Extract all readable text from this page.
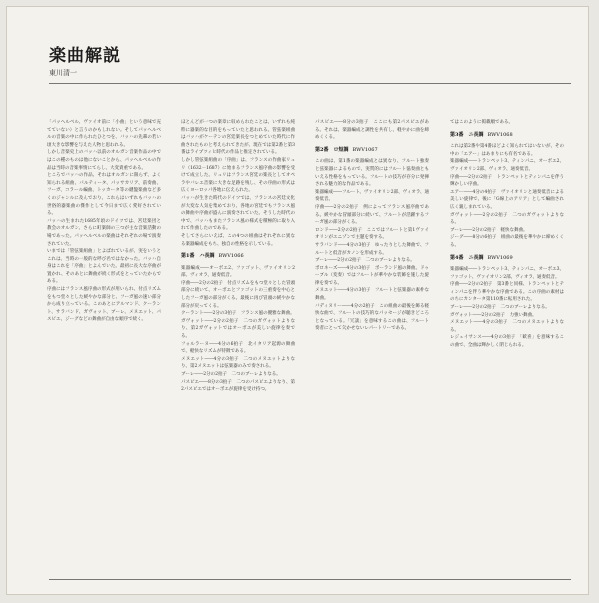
楽曲解説
東川清一

「パッヘルベル、ヴァイオ前に「小曲」という意味で充てていない）と言うのかもしれない。そしてパッヘルベルの音楽の中に作られたひとつを、バッハの先輩の若い頃大きな影響を与えた人物と思われる。

しかし音楽史上のバッハ以前のオルガン音楽作品の中ではこの種のものは他にないことから、パッヘルベルの作品は当時の音楽事情にてらし、大変貴重である。

ところでバッハの作品、それはオルガンに限らず、よく知られる組曲、パルティータ、パッサカリア、前奏曲、フーガ、コラール編曲、トッカータ等の鍵盤楽曲など多くのジャンルに及んでおり、これらはいずれもバッハの世俗的器楽曲の傑作として今日まで広く愛好されている。

バッハの生まれた1685年頃のドイツでは、宮廷楽団と教会のオルガン、さらに町楽師の三つが主な音楽活動の場であった。パッヘルベルの楽曲はそれぞれの場で演奏されていた。

いまでは「管弦楽組曲」とよばれているが、実をいうとこれは、当時の一般的な呼び名ではなかった。バッハ自身はこれを「序曲」とよんでいた。最初に長大な序曲が置かれ、そのあとに舞曲が続く形式をとっていたからである。

序曲にはフランス風序曲の形式が用いられ、付点リズムをもつ堂々とした緩やかな部分と、フーガ風の速い部分から成り立っている。このあとにアルマンド、クーラント、サラバンド、ガヴォット、ブーレ、メヌエット、パスピエ、ジーグなどの舞曲が自由な順序で続く。

ほとんどが一つの楽章に収められたことは、いずれも純粋に器楽的な目的をもっていたと思われる。管弦楽組曲はバッハがケーテンの宮廷楽長をつとめていた時代に作曲されたものと考えられてきたが、現在では第2番と第3番はライプツィヒ時代の作品と推定されている。

しかし管弦楽組曲の「序曲」は、フランスの作曲家リュリ（1632－1687）に始まるフランス風序曲の影響を受けて成立した。リュリはフランス宮廷の楽長としてオペラやバレエ音楽に大きな足跡を残し、その序曲の形式は広くヨーロッパ各地に伝えられた。

バッハが生きた時代のドイツでは、フランスの宮廷文化が大変な人気を集めており、各地の宮廷でもフランス風の舞曲や序曲が盛んに演奏されていた。そうした時代の中で、バッハもまたフランス風の様式を積極的に取り入れて作曲したのである。

そしてさらにいえば、この4つの組曲はそれぞれに異なる楽器編成をもち、独自の性格を示している。

第1番　ハ長調 BWV1066

楽器編成――オーボエ2、ファゴット、ヴァイオリン2部、ヴィオラ、通奏低音。

序曲――2分の2拍子　付点リズムをもつ堂々とした冒頭部分に続いて、オーボエとファゴットの三重奏を中心としたフーガ風の部分がくる。最後に再び冒頭の緩やかな部分が戻ってくる。

クーラント――2分の3拍子　フランス風の優雅な舞曲。

ガヴォット――2分の2拍子　二つのガヴォットよりなり、第2ガヴォットではオーボエが美しい旋律を奏でる。

フォルラーヌ――4分の6拍子　北イタリア起源の舞曲で、軽快なリズムが特徴である。

メヌエット――4分の3拍子　二つのメヌエットよりなり、第2メヌエットは弦楽器のみで奏される。

ブーレ――2分の2拍子　二つのブーレよりなる。

パスピエ――8分の3拍子　二つのパスピエよりなり、第2パスピエではオーボエが旋律を受け持つ。

パスピエ――8分の3拍子　ここにも第2パスピエがある。それは、楽器編成と調性を共有し、軽やかに曲を締めくくる。

第2番　ロ短調 BWV1067

この曲は、第1番の楽器編成とは異なり、フルート独奏と弦楽器によるもので、実質的にはフルート協奏曲ともいえる性格をもっている。フルートの技巧が存分に発揮される魅力的な作品である。

楽器編成――フルート、ヴァイオリン2部、ヴィオラ、通奏低音。

序曲――2分の2拍子　例によってフランス風序曲である。緩やかな冒頭部分に続いて、フルートが活躍するフーガ風の部分がくる。

ロンド――2分の2拍子　ここではフルートと第1ヴァイオリンがユニゾンで主題を奏する。

サラバンド――4分の3拍子　ゆったりとした舞曲で、フルートと低音がカノンを形成する。

ブーレ――2分の2拍子　二つのブーレよりなる。

ポロネーズ――4分の3拍子　ポーランド風の舞曲。ドゥーブル（変奏）ではフルートが華やかな装飾を施した旋律を奏でる。

メヌエット――4分の3拍子　フルートと弦楽器の素朴な舞曲。

バディヌリー――4分の2拍子　この組曲の最後を飾る軽快な曲で、フルートの技巧的なパッセージが聴きどころとなっている。「冗談」を意味するこの曲は、フルート奏者にとって欠かせないレパートリーである。

てはこのように掲載順である。

第3番　ニ長調 BWV1068

これは第2番や第4番ほどよく知られてはいないが、その中の「エアー」はあまりにも有名である。

楽器編成――トランペット3、ティンパニ、オーボエ2、ヴァイオリン2部、ヴィオラ、通奏低音。

序曲――2分の2拍子　トランペットとティンパニを伴う輝かしい序曲。

エアー――4分の4拍子　ヴァイオリンと通奏低音による美しい旋律で、後に「G線上のアリア」として編曲され広く親しまれている。

ガヴォット――2分の2拍子　二つのガヴォットよりなる。

ブーレ――2分の2拍子　軽快な舞曲。

ジーグ――8分の6拍子　組曲の最後を華やかに締めくくる。

第4番　ニ長調 BWV1069

楽器編成――トランペット3、ティンパニ、オーボエ3、ファゴット、ヴァイオリン2部、ヴィオラ、通奏低音。

序曲――2分の2拍子　第3番と同様、トランペットとティンパニを伴う華やかな序曲である。この序曲の素材はのちにカンタータ第110番に転用された。

ブーレ――2分の2拍子　二つのブーレよりなる。

ガヴォット――2分の2拍子　力強い舞曲。

メヌエット――4分の3拍子　二つのメヌエットよりなる。

レジュイサンス――4分の3拍子　「歓喜」を意味するこの曲で、全曲は輝かしく閉じられる。
